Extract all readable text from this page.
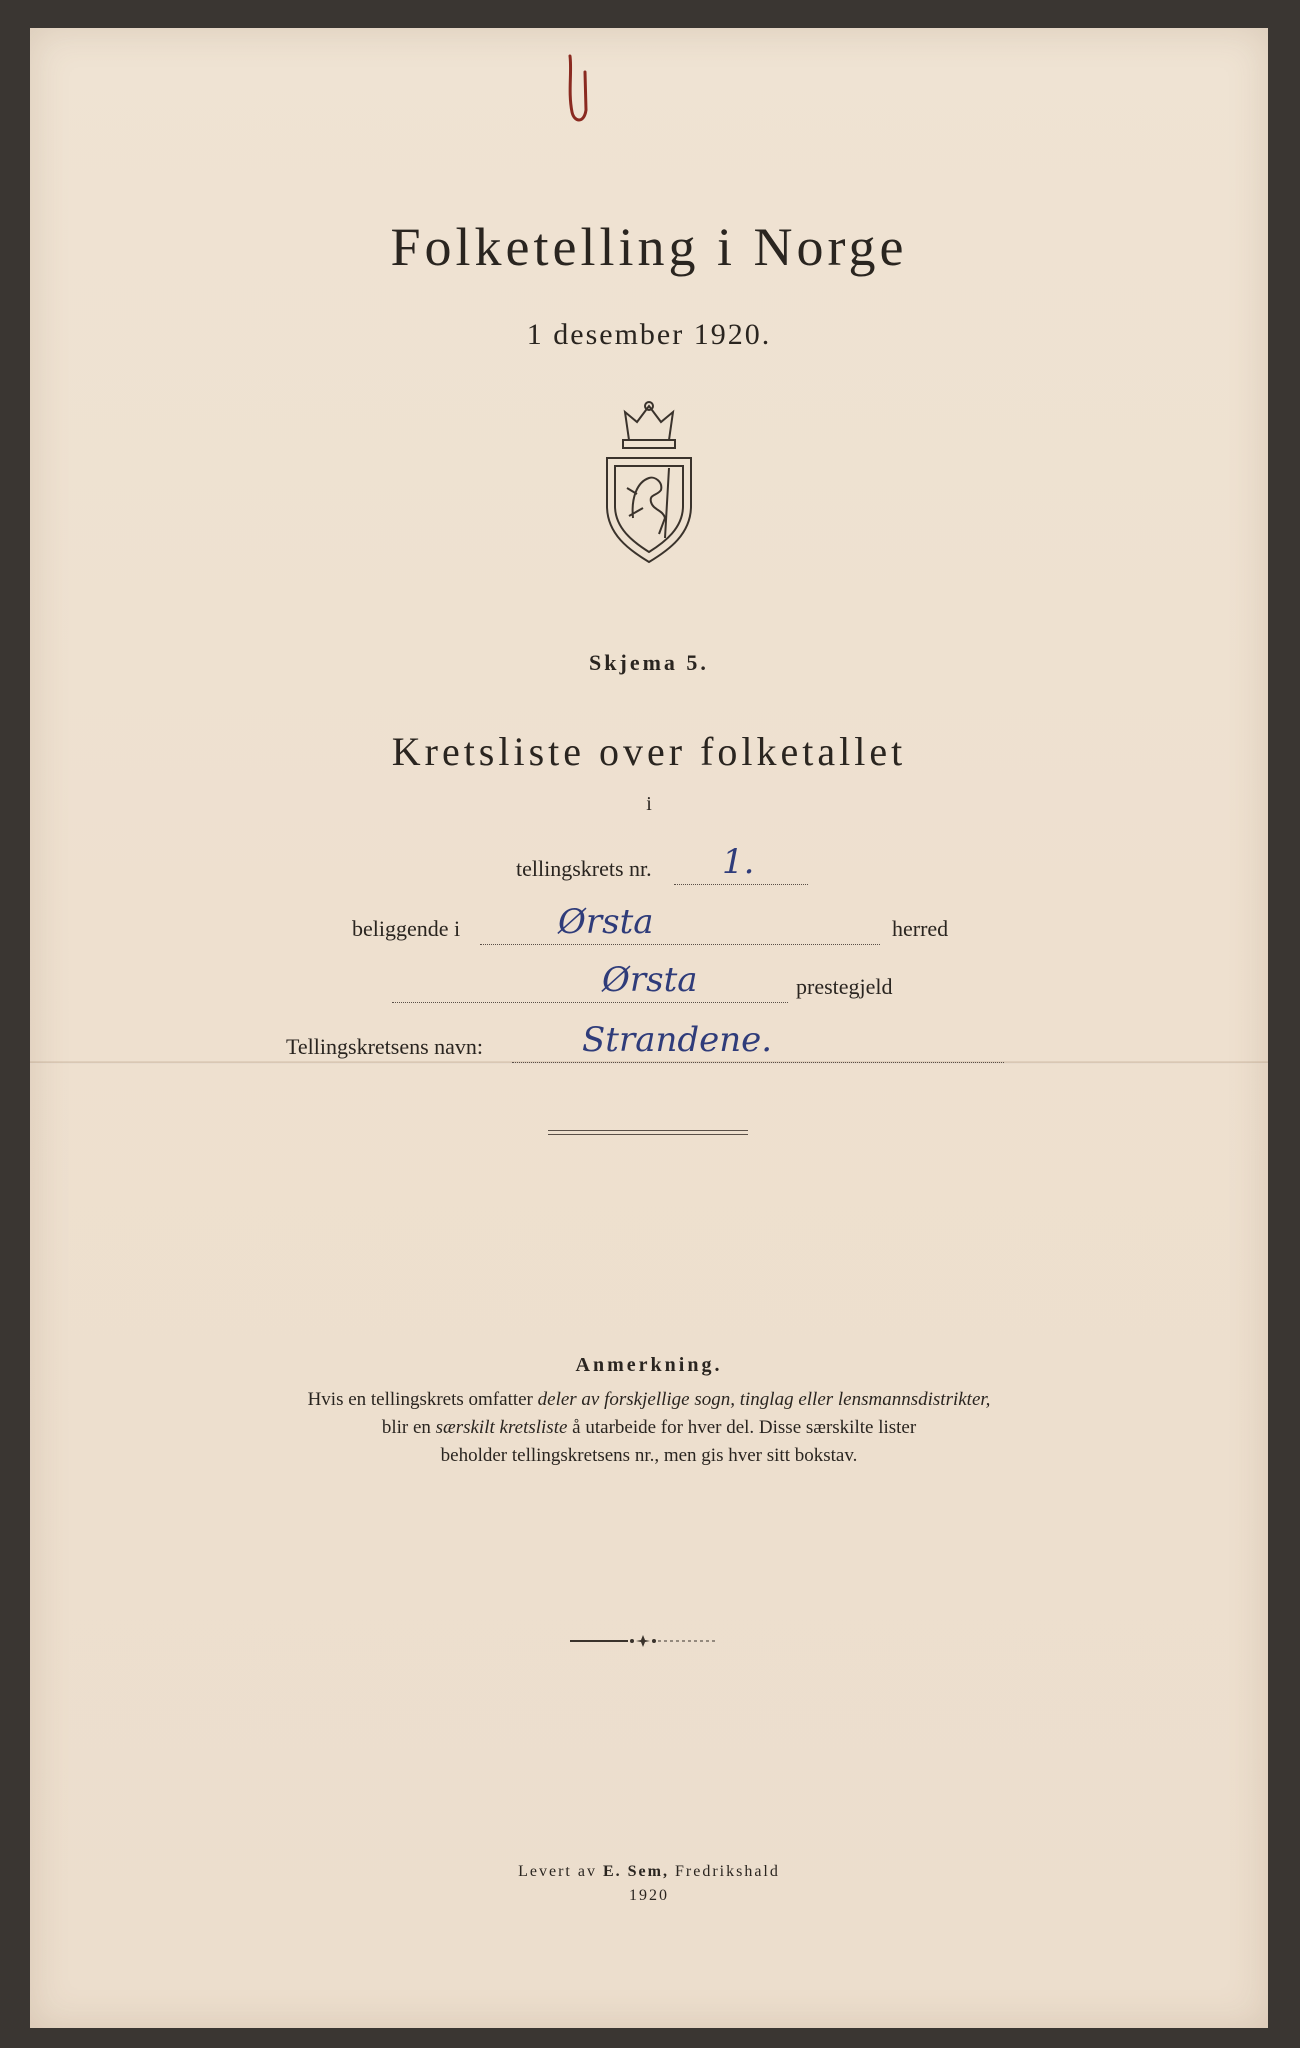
Folketelling i Norge
1 desember 1920.
Skjema 5.
Kretsliste over folketallet
i
tellingskrets nr. 1.
beliggende i	Ørsta	herred
Ørsta	prestegjeld
Tellingskretsens navn:	Strandene.
Anmerkning.
Hvis en tellingskrets omfatter deler av forskjellige sogn, tinglag eller lensmannsdistrikter,
blir en særskilt kretsliste å utarbeide for hver del. Disse særskilte lister
beholder tellingskretsens nr., men gis hver sitt bokstav.
Levert av E. Sem, Fredrikshald
1920
